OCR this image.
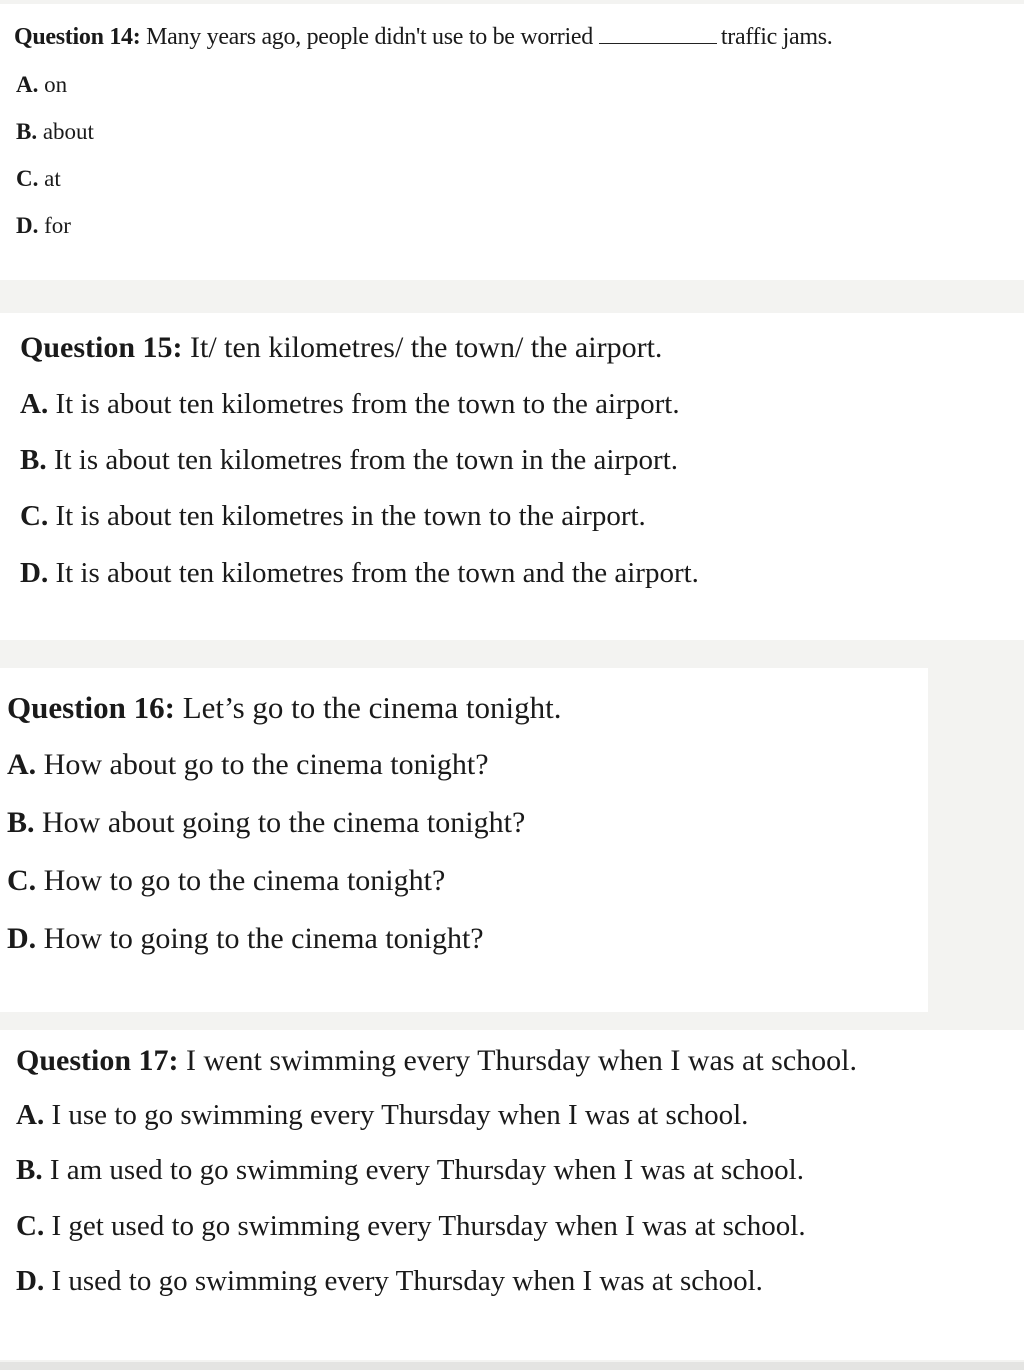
Question 14: Many years ago, people didn't use to be worried	traffic jams.
A. on
B. about
C. at
D. for
Question 15: It/ ten kilometres/ the town/ the airport.
A. It is about ten kilometres from the town to the airport.
B. It is about ten kilometres from the town in the airport.
C. It is about ten kilometres in the town to the airport.
D. It is about ten kilometres from the town and the airport.
Question 16: Let’s go to the cinema tonight.
A. How about go to the cinema tonight?
B. How about going to the cinema tonight?
C. How to go to the cinema tonight?
D. How to going to the cinema tonight?
Question 17: I went swimming every Thursday when I was at school.
A. I use to go swimming every Thursday when I was at school.
B. I am used to go swimming every Thursday when I was at school.
C. I get used to go swimming every Thursday when I was at school.
D. I used to go swimming every Thursday when I was at school.
